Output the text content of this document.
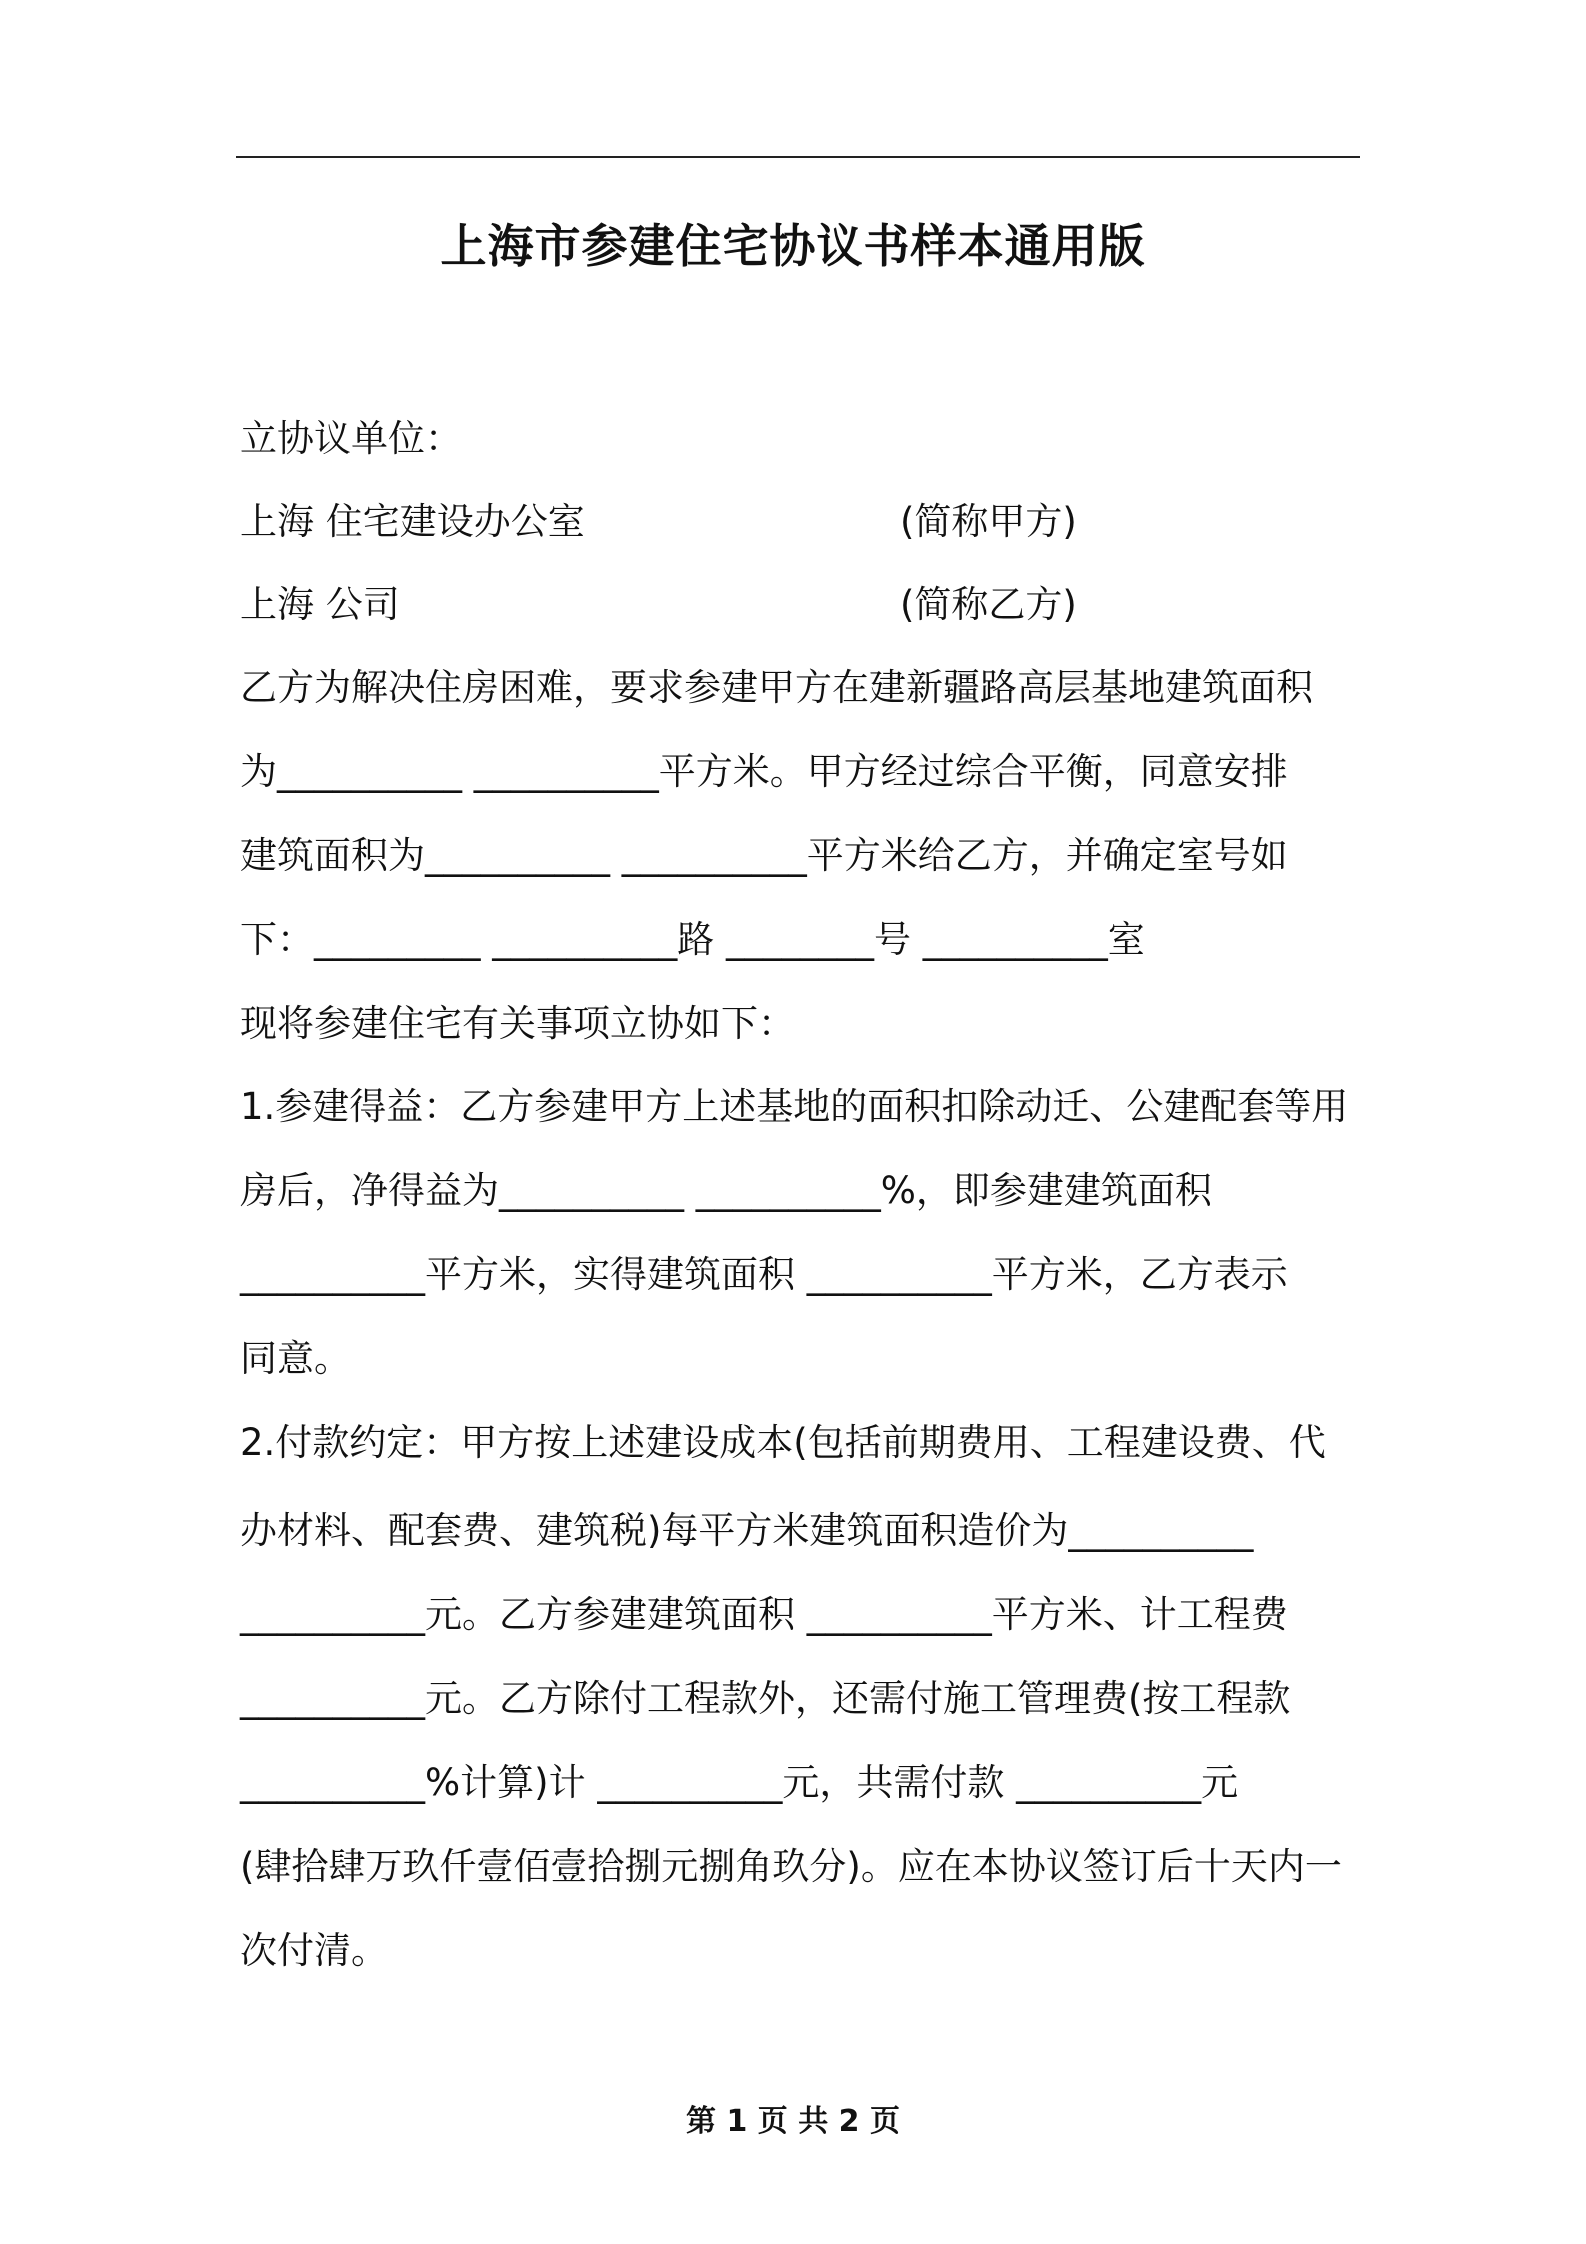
上海市参建住宅协议书样本通用版
立协议单位：
上海 住宅建设办公室	(简称甲方)
上海 公司	(简称乙方)
乙方为解决住房困难，要求参建甲方在建新疆路高层基地建筑面积
为__________ __________平方米。甲方经过综合平衡，同意安排
建筑面积为__________ __________平方米给乙方，并确定室号如
下：_________ __________路 ________号 __________室
现将参建住宅有关事项立协如下：
1.参建得益：乙方参建甲方上述基地的面积扣除动迁、公建配套等用
房后，净得益为__________ __________%，即参建建筑面积
__________平方米，实得建筑面积 __________平方米，乙方表示
同意。
2.付款约定：甲方按上述建设成本(包括前期费用、工程建设费、代
办材料、配套费、建筑税)每平方米建筑面积造价为__________
__________元。乙方参建建筑面积 __________平方米、计工程费
__________元。乙方除付工程款外，还需付施工管理费(按工程款
__________%计算)计 __________元，共需付款 __________元
(肆拾肆万玖仟壹佰壹拾捌元捌角玖分)。应在本协议签订后十天内一
次付清。
第 1 页 共 2 页
